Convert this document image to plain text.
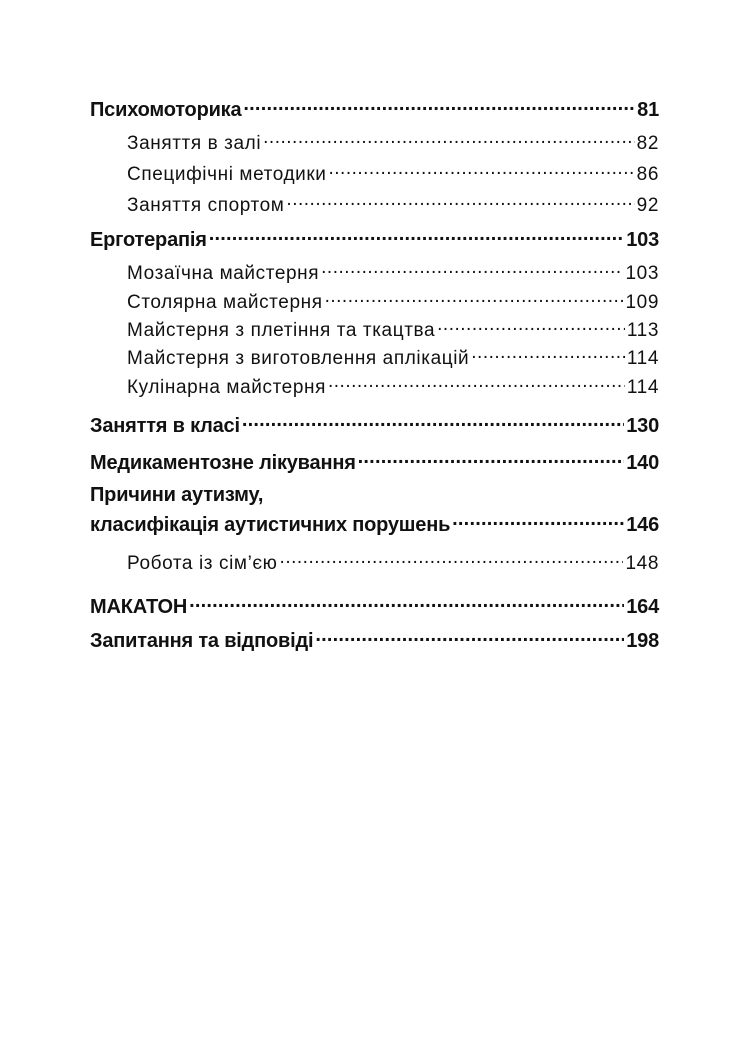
Психомоторика .....	81
Заняття в залі .....	82
Специфічні методики .....	86
Заняття спортом .....	92
Ерготерапія .....	103
Мозаїчна майстерня .....	103
Столярна майстерня .....	109
Майстерня з плетіння та ткацтва .....	113
Майстерня з виготовлення аплікацій .....	114
Кулінарна майстерня .....	114
Заняття в класі .....	130
Медикаментозне лікування .....	140
Причини аутизму,
класифікація аутистичних порушень .....	146
Робота із сім’єю .....	148
МАКАТОН .....	164
Запитання та відповіді .....	198
